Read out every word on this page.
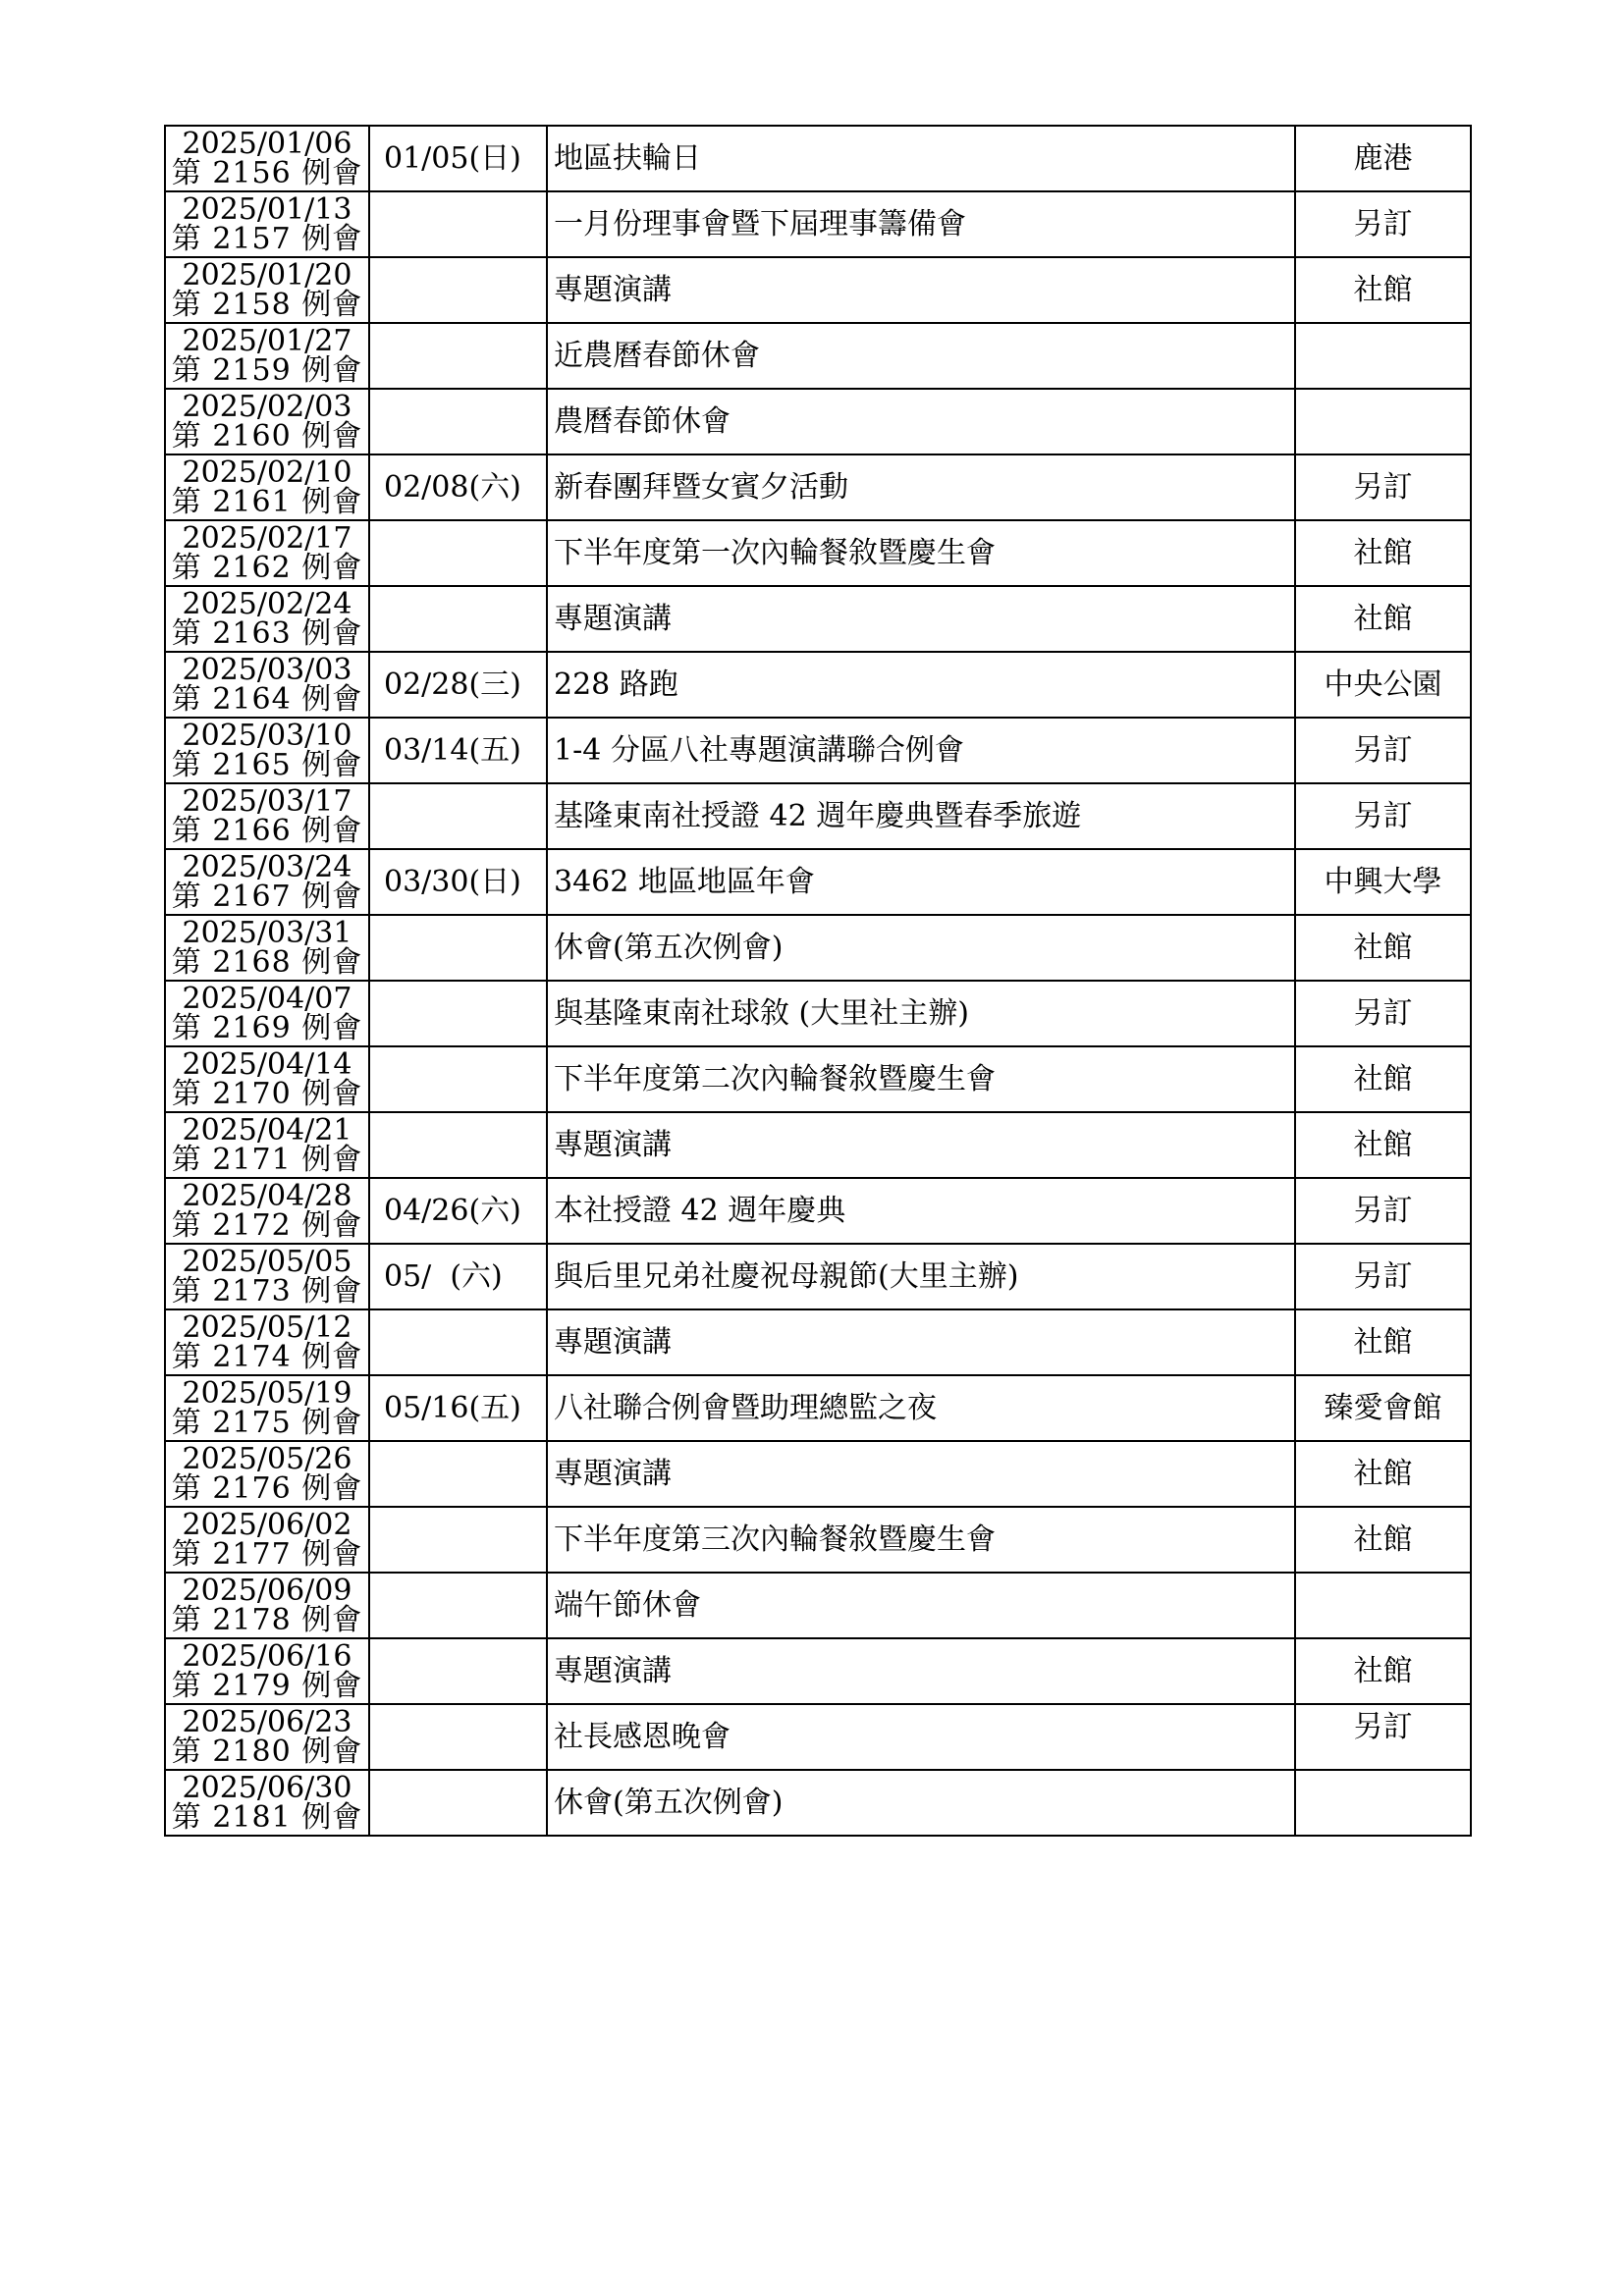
2025/01/06
第 2156 例會	01/05(日)	地區扶輪日	鹿港

2025/01/13
第 2157 例會		一月份理事會暨下屆理事籌備會	另訂

2025/01/20
第 2158 例會		專題演講	社館

2025/01/27
第 2159 例會		近農曆春節休會	

2025/02/03
第 2160 例會		農曆春節休會	

2025/02/10
第 2161 例會	02/08(六)	新春團拜暨女賓夕活動	另訂

2025/02/17
第 2162 例會		下半年度第一次內輪餐敘暨慶生會	社館

2025/02/24
第 2163 例會		專題演講	社館

2025/03/03
第 2164 例會	02/28(三)	228 路跑	中央公園

2025/03/10
第 2165 例會	03/14(五)	1-4 分區八社專題演講聯合例會	另訂

2025/03/17
第 2166 例會		基隆東南社授證 42 週年慶典暨春季旅遊	另訂

2025/03/24
第 2167 例會	03/30(日)	3462 地區地區年會	中興大學

2025/03/31
第 2168 例會		休會(第五次例會)	社館

2025/04/07
第 2169 例會		與基隆東南社球敘 (大里社主辦)	另訂

2025/04/14
第 2170 例會		下半年度第二次內輪餐敘暨慶生會	社館

2025/04/21
第 2171 例會		專題演講	社館

2025/04/28
第 2172 例會	04/26(六)	本社授證 42 週年慶典	另訂

2025/05/05
第 2173 例會	05/  (六)	與后里兄弟社慶祝母親節(大里主辦)	另訂

2025/05/12
第 2174 例會		專題演講	社館

2025/05/19
第 2175 例會	05/16(五)	八社聯合例會暨助理總監之夜	臻愛會館

2025/05/26
第 2176 例會		專題演講	社館

2025/06/02
第 2177 例會		下半年度第三次內輪餐敘暨慶生會	社館

2025/06/09
第 2178 例會		端午節休會	

2025/06/16
第 2179 例會		專題演講	社館

2025/06/23
第 2180 例會		社長感恩晚會	另訂

2025/06/30
第 2181 例會		休會(第五次例會)	
